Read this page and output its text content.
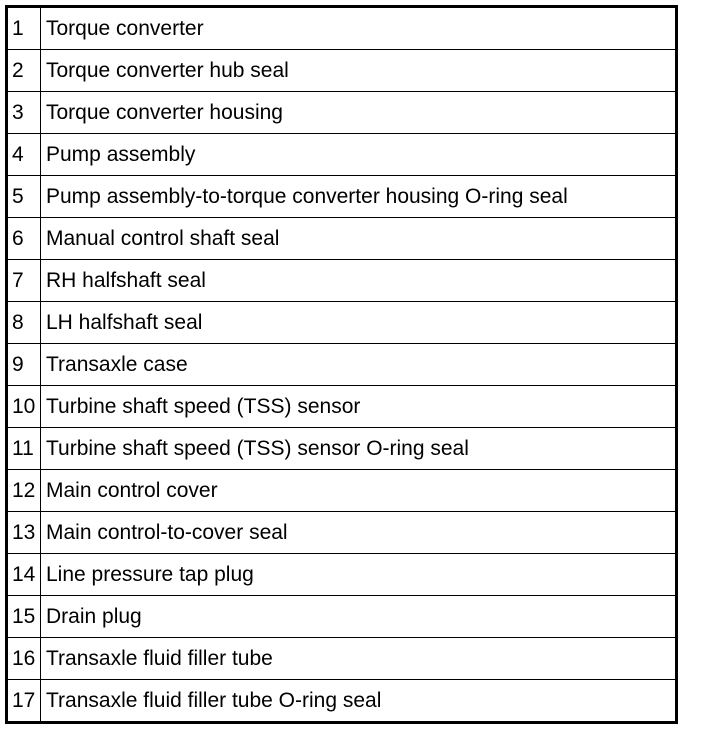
1	Torque converter
2	Torque converter hub seal
3	Torque converter housing
4	Pump assembly
5	Pump assembly-to-torque converter housing O-ring seal
6	Manual control shaft seal
7	RH halfshaft seal
8	LH halfshaft seal
9	Transaxle case
10	Turbine shaft speed (TSS) sensor
11	Turbine shaft speed (TSS) sensor O-ring seal
12	Main control cover
13	Main control-to-cover seal
14	Line pressure tap plug
15	Drain plug
16	Transaxle fluid filler tube
17	Transaxle fluid filler tube O-ring seal
